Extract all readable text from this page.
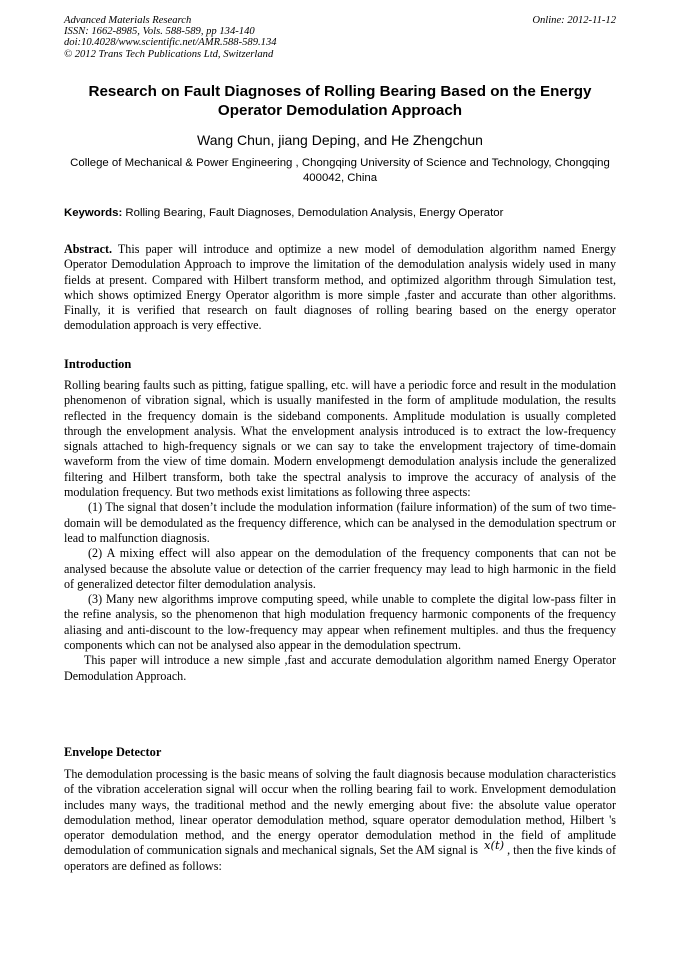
Advanced Materials Research
ISSN: 1662-8985, Vols. 588-589, pp 134-140
doi:10.4028/www.scientific.net/AMR.588-589.134
© 2012 Trans Tech Publications Ltd, Switzerland
Online: 2012-11-12
Research on Fault Diagnoses of Rolling Bearing Based on the Energy Operator Demodulation Approach
Wang Chun, jiang Deping, and He Zhengchun
College of Mechanical & Power Engineering , Chongqing University of Science and Technology, Chongqing 400042, China
Keywords: Rolling Bearing, Fault Diagnoses, Demodulation Analysis, Energy Operator

Abstract. This paper will introduce and optimize a new model of demodulation algorithm named Energy Operator Demodulation Approach to improve the limitation of the demodulation analysis widely used in many fields at present. Compared with Hilbert transform method, and optimized algorithm through Simulation test, which shows optimized Energy Operator algorithm is more simple ,faster and accurate than other algorithms. Finally, it is verified that research on fault diagnoses of rolling bearing based on the energy operator demodulation approach is very effective.

Introduction

Rolling bearing faults such as pitting, fatigue spalling, etc. will have a periodic force and result in the modulation phenomenon of vibration signal, which is usually manifested in the form of amplitude modulation, the results reflected in the frequency domain is the sideband components. Amplitude modulation is usually completed through the envelopment analysis. What the envelopment analysis introduced is to extract the low-frequency signals attached to high-frequency signals or we can say to take the envelopment trajectory of time-domain waveform from the view of time domain. Modern envelopmengt demodulation analysis include the generalized filtering and Hilbert transform, both take the spectral analysis to improve the accuracy of analysis of the modulation frequency. But two methods exist limitations as following three aspects:

(1) The signal that dosen’t include the modulation information (failure information) of the sum of two time-domain will be demodulated as the frequency difference, which can be analysed in the demodulation spectrum or lead to malfunction diagnosis.

(2) A mixing effect will also appear on the demodulation of the frequency components that can not be analysed because the absolute value or detection of the carrier frequency may lead to high harmonic in the field of generalized detector filter demodulation analysis.

(3) Many new algorithms improve computing speed, while unable to complete the digital low-pass filter in the refine analysis, so the phenomenon that high modulation frequency harmonic components of the frequency aliasing and anti-discount to the low-frequency may appear when refinement multiples. and thus the frequency components which can not be analysed also appear in the demodulation spectrum.

This paper will introduce a new simple ,fast and accurate demodulation algorithm named Energy Operator Demodulation Approach.

Envelope Detector

The demodulation processing is the basic means of solving the fault diagnosis because modulation characteristics of the vibration acceleration signal will occur when the rolling bearing fail to work. Envelopment demodulation includes many ways, the traditional method and the newly emerging about five: the absolute value operator demodulation method, linear operator demodulation method, square operator demodulation method, Hilbert 's operator demodulation method, and the energy operator demodulation method in the field of amplitude demodulation of communication signals and mechanical signals, Set the AM signal is x(t) , then the five kinds of operators are defined as follows:
